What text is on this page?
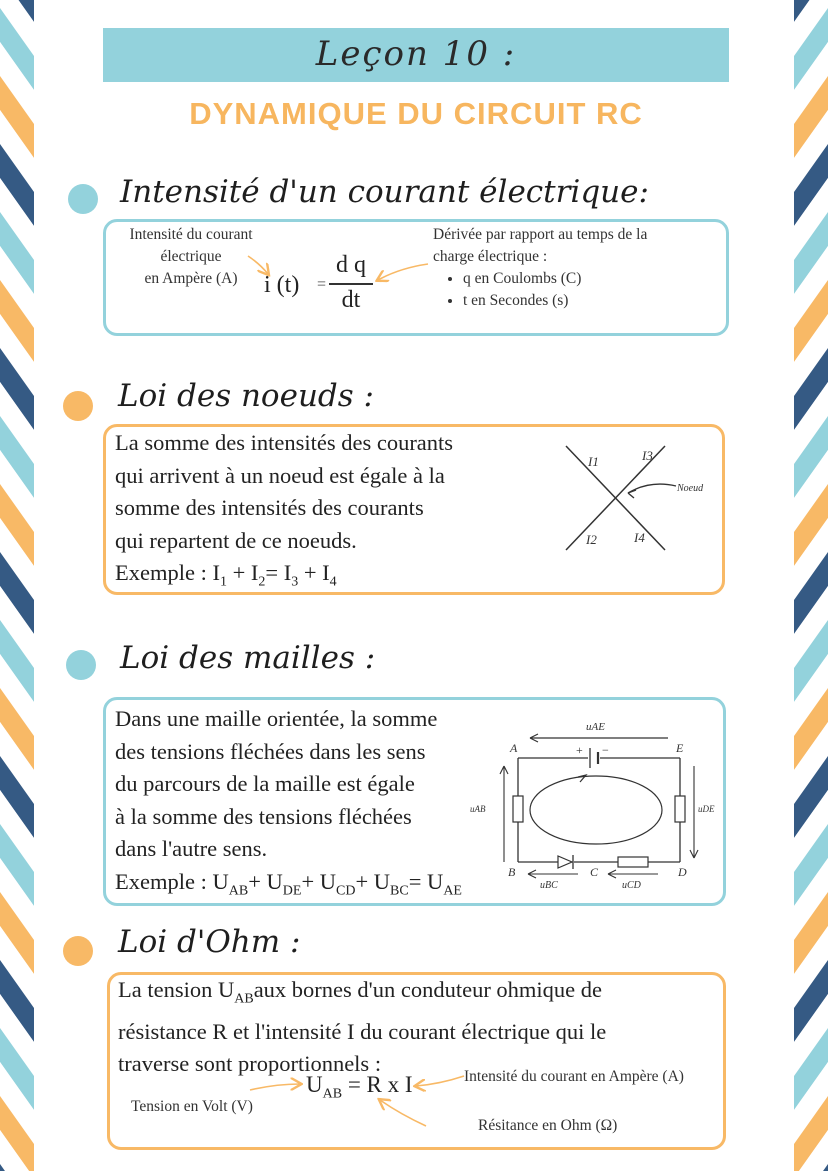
Leçon 10 :
DYNAMIQUE DU CIRCUIT RC
Intensité d'un courant électrique:
Intensité du courant
électrique
en Ampère (A)	i (t) =
d q
dt
Dérivée par rapport au temps de la
charge électrique :
• q en Coulombs (C)
• t en Secondes (s)
Loi des noeuds :

La somme des intensités des courants

qui arrivent à un noeud est égale à la

somme des intensités des courants

qui repartent de ce noeuds.

Exemple : $I_1 + I_2= I_3 + I_4$

I1	I3
I2	I4
Noeud
Loi des mailles :

Dans une maille orientée, la somme

des tensions fléchées dans les sens

du parcours de la maille est égale

à la somme des tensions fléchées

dans l'autre sens.

Exemple : $U_{AB}+ U_{DE}+ U_{CD}+ U_{BC}= U_{AE}$

uAE
+ −
A	E
B	C	D
uAB	uDE
uBC	uCD
Loi d'Ohm :

La tension $U_{AB}aux$ bornes d'un conduteur ohmique de

résistance R et l'intensité I du courant électrique qui le

traverse sont proportionnels :

$U_{AB} = R$ x I
Tension en Volt (V)
Intensité du courant en Ampère (A)
Résitance en Ohm (Ω)
